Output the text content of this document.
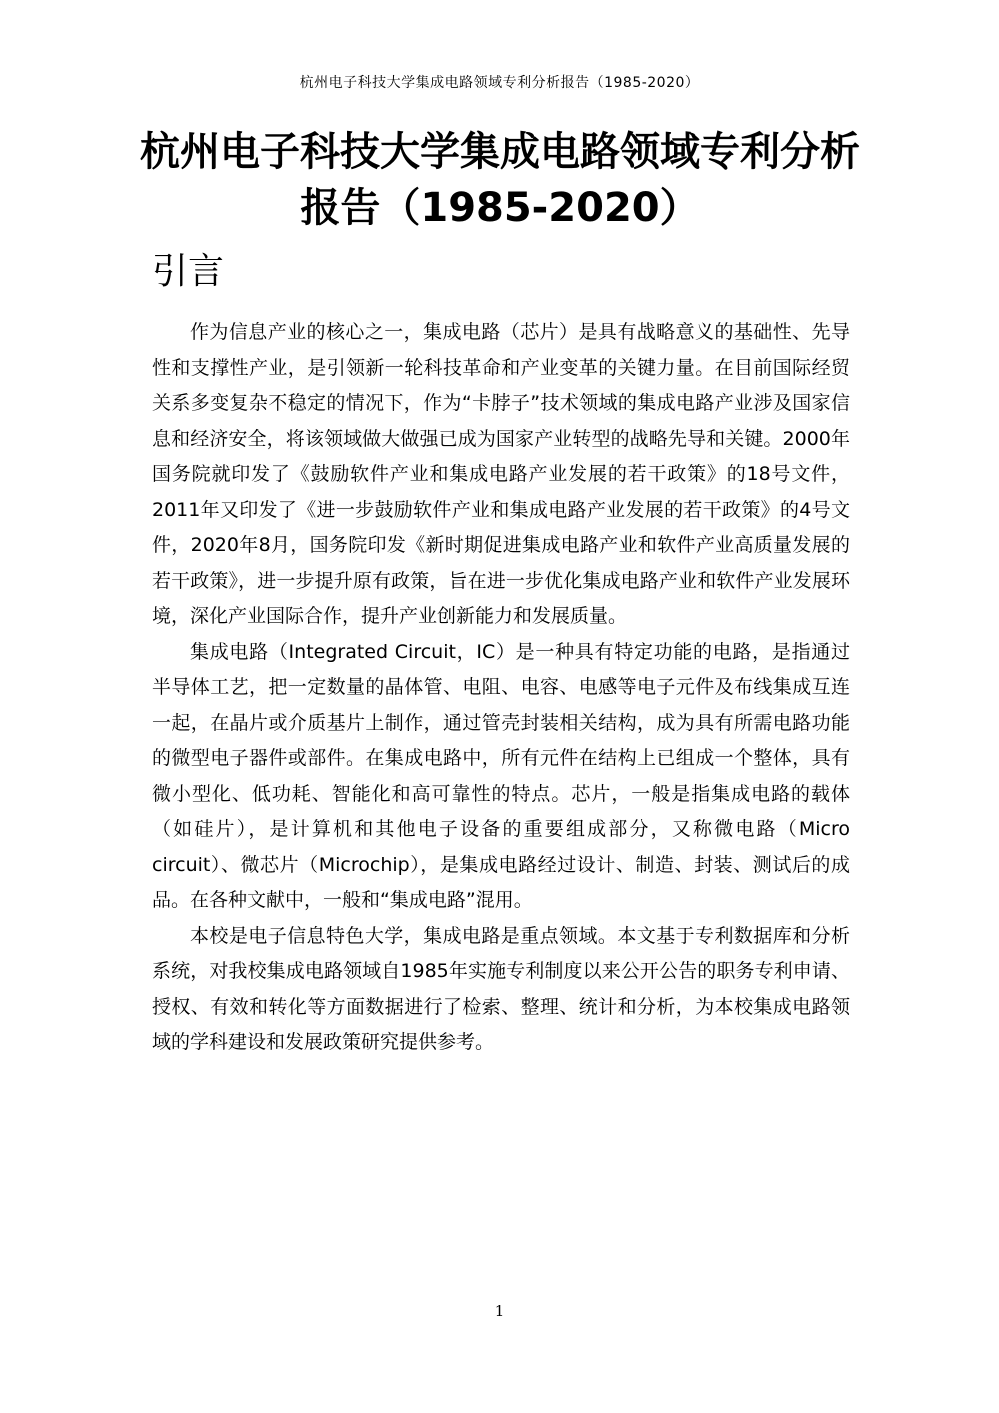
杭州电子科技大学集成电路领域专利分析报告（1985-2020）
杭州电子科技大学集成电路领域专利分析报告（1985-2020）
引言

作为信息产业的核心之一，集成电路（芯片）是具有战略意义的基础性、先导性和支撑性产业，是引领新一轮科技革命和产业变革的关键力量。在目前国际经贸关系多变复杂不稳定的情况下，作为“卡脖子”技术领域的集成电路产业涉及国家信息和经济安全，将该领域做大做强已成为国家产业转型的战略先导和关键。2000年国务院就印发了《鼓励软件产业和集成电路产业发展的若干政策》的18号文件，2011年又印发了《进一步鼓励软件产业和集成电路产业发展的若干政策》的4号文件，2020年8月，国务院印发《新时期促进集成电路产业和软件产业高质量发展的若干政策》，进一步提升原有政策，旨在进一步优化集成电路产业和软件产业发展环境，深化产业国际合作，提升产业创新能力和发展质量。

集成电路（Integrated Circuit，IC）是一种具有特定功能的电路，是指通过半导体工艺，把一定数量的晶体管、电阻、电容、电感等电子元件及布线集成互连一起，在晶片或介质基片上制作，通过管壳封装相关结构，成为具有所需电路功能的微型电子器件或部件。在集成电路中，所有元件在结构上已组成一个整体，具有微小型化、低功耗、智能化和高可靠性的特点。芯片，一般是指集成电路的载体（如硅片），是计算机和其他电子设备的重要组成部分，又称微电路（Micro circuit）、微芯片（Microchip），是集成电路经过设计、制造、封装、测试后的成品。在各种文献中，一般和“集成电路”混用。

本校是电子信息特色大学，集成电路是重点领域。本文基于专利数据库和分析系统，对我校集成电路领域自1985年实施专利制度以来公开公告的职务专利申请、授权、有效和转化等方面数据进行了检索、整理、统计和分析，为本校集成电路领域的学科建设和发展政策研究提供参考。

1
